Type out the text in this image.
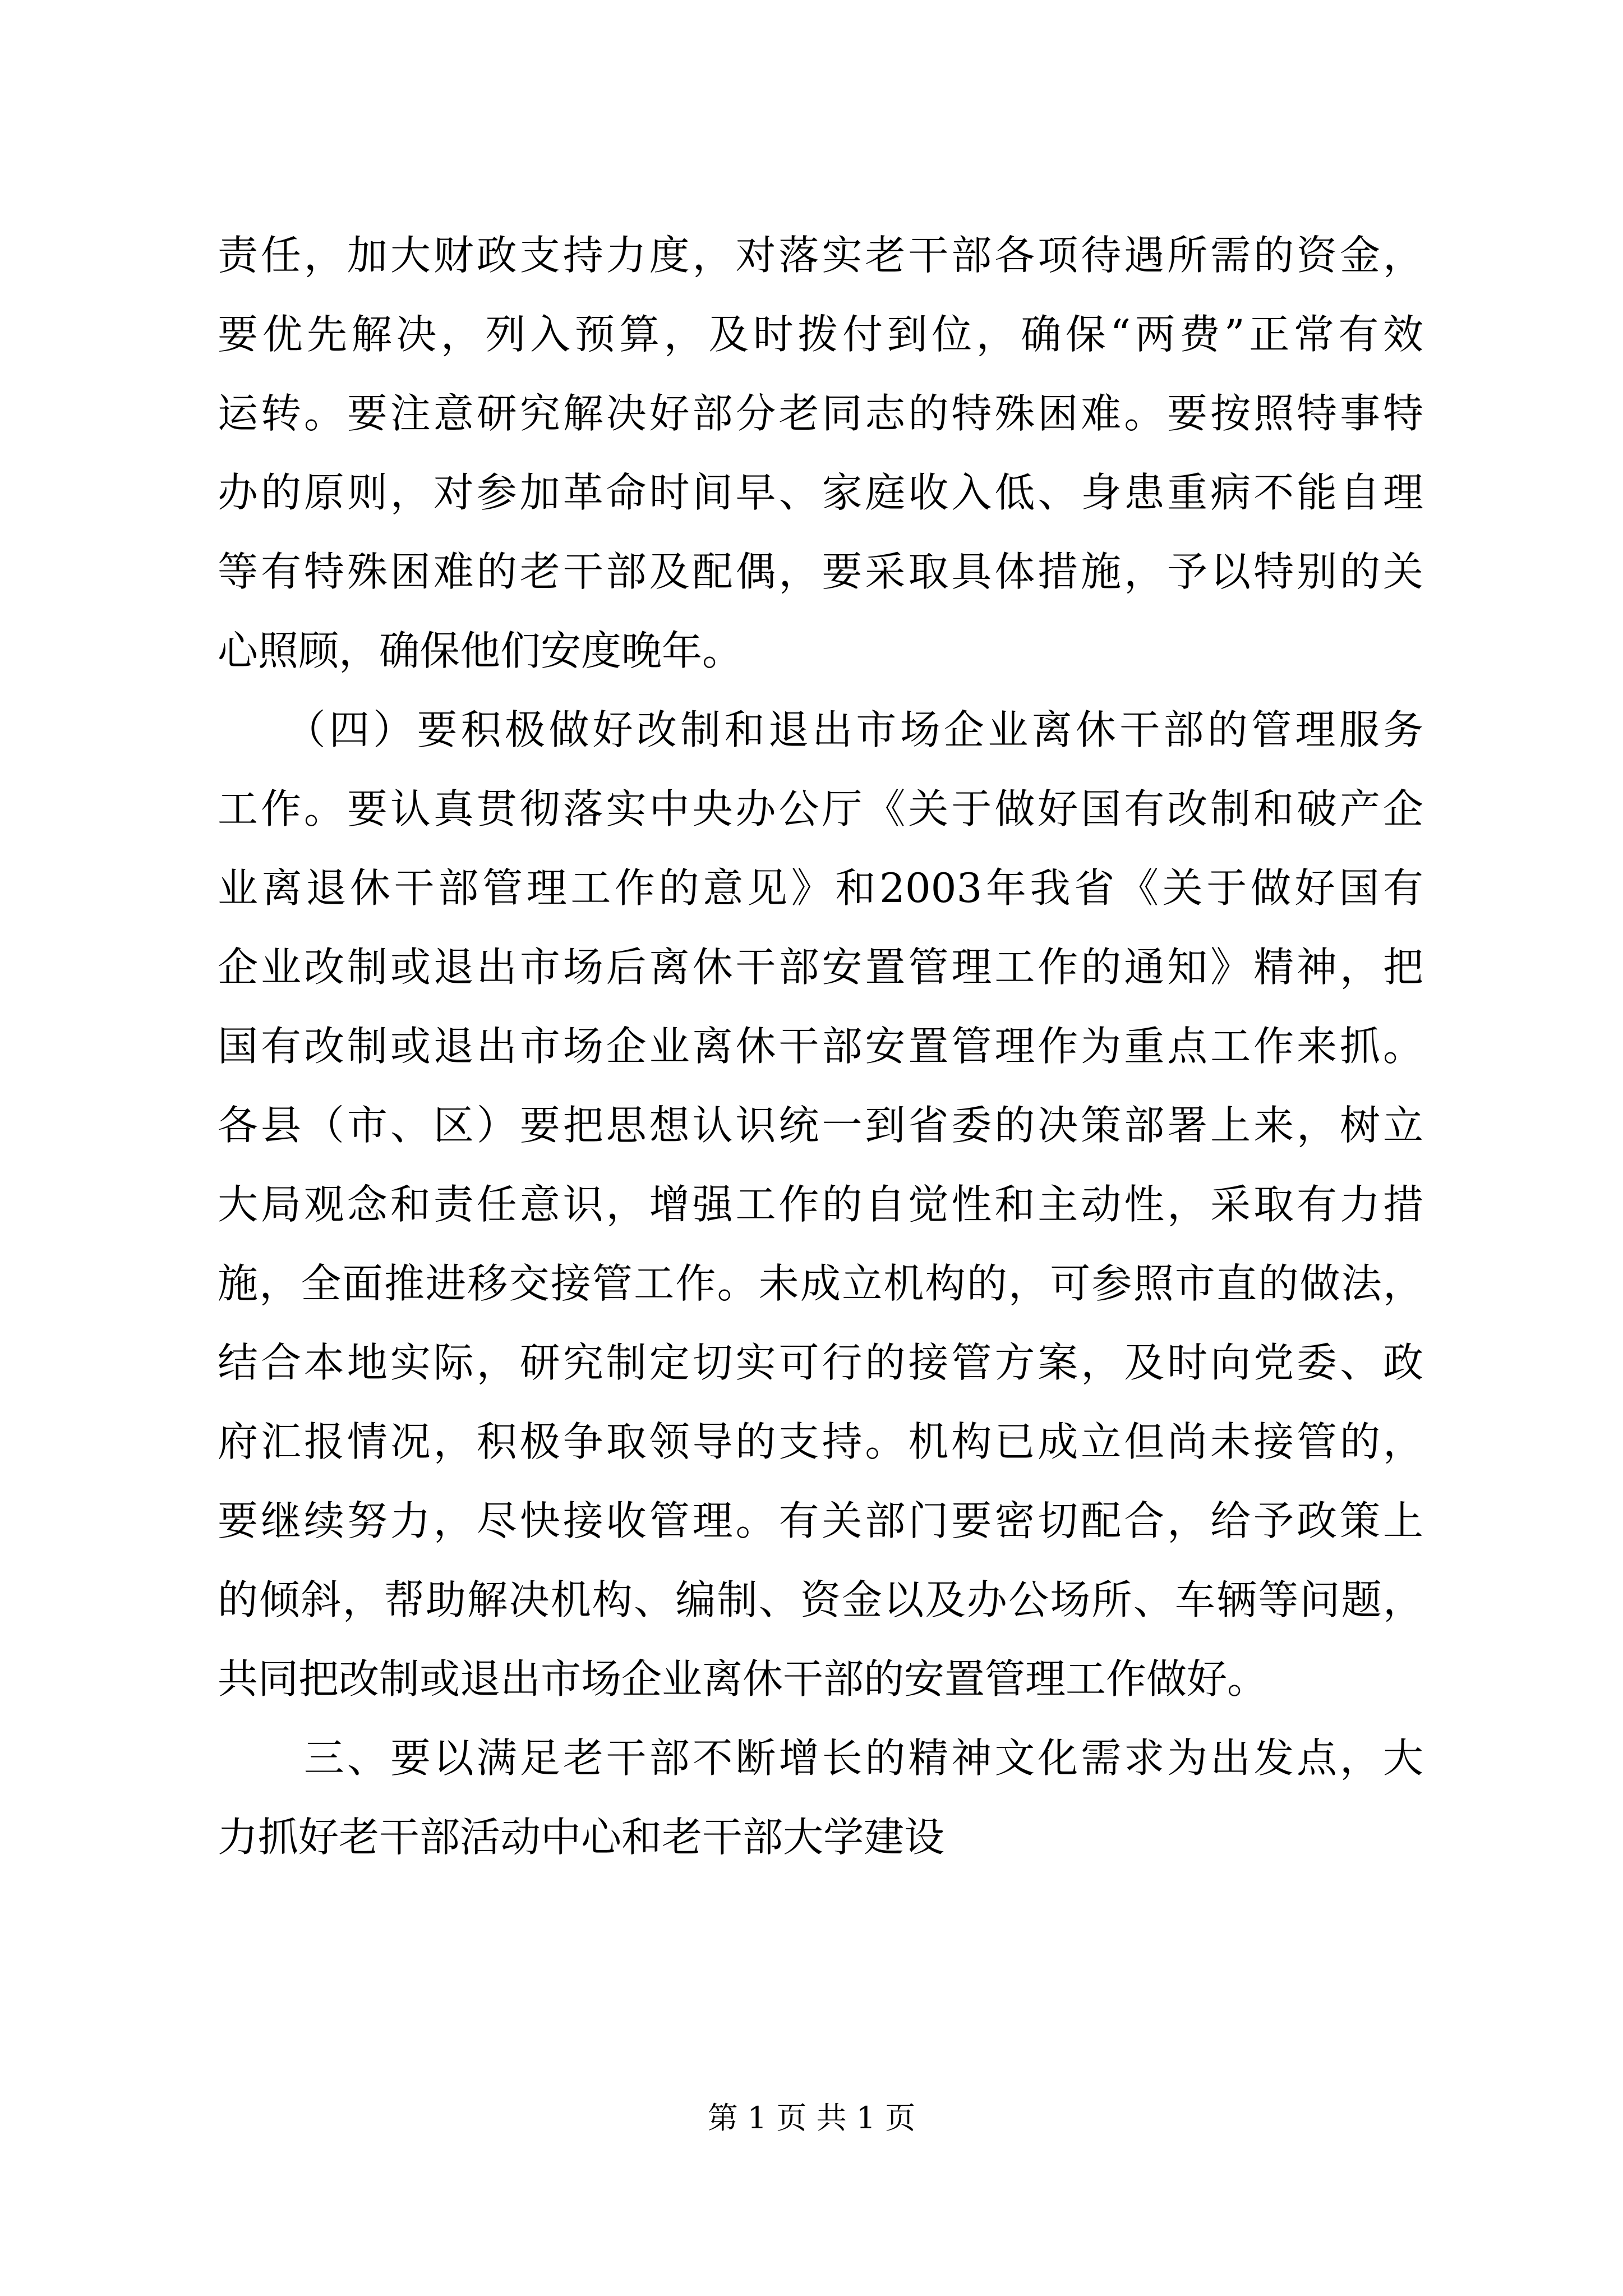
责任，加大财政支持力度，对落实老干部各项待遇所需的资金，
要优先解决，列入预算，及时拨付到位，确保“两费”正常有效
运转。要注意研究解决好部分老同志的特殊困难。要按照特事特
办的原则，对参加革命时间早、家庭收入低、身患重病不能自理
等有特殊困难的老干部及配偶，要采取具体措施，予以特别的关
心照顾，确保他们安度晚年。
　　（四）要积极做好改制和退出市场企业离休干部的管理服务
工作。要认真贯彻落实中央办公厅《关于做好国有改制和破产企
业离退休干部管理工作的意见》和2003年我省《关于做好国有
企业改制或退出市场后离休干部安置管理工作的通知》精神，把
国有改制或退出市场企业离休干部安置管理作为重点工作来抓。
各县（市、区）要把思想认识统一到省委的决策部署上来，树立
大局观念和责任意识，增强工作的自觉性和主动性，采取有力措
施，全面推进移交接管工作。未成立机构的，可参照市直的做法，
结合本地实际，研究制定切实可行的接管方案，及时向党委、政
府汇报情况，积极争取领导的支持。机构已成立但尚未接管的，
要继续努力，尽快接收管理。有关部门要密切配合，给予政策上
的倾斜，帮助解决机构、编制、资金以及办公场所、车辆等问题，
共同把改制或退出市场企业离休干部的安置管理工作做好。
　　三、要以满足老干部不断增长的精神文化需求为出发点，大
力抓好老干部活动中心和老干部大学建设
第 1 页 共 1 页
